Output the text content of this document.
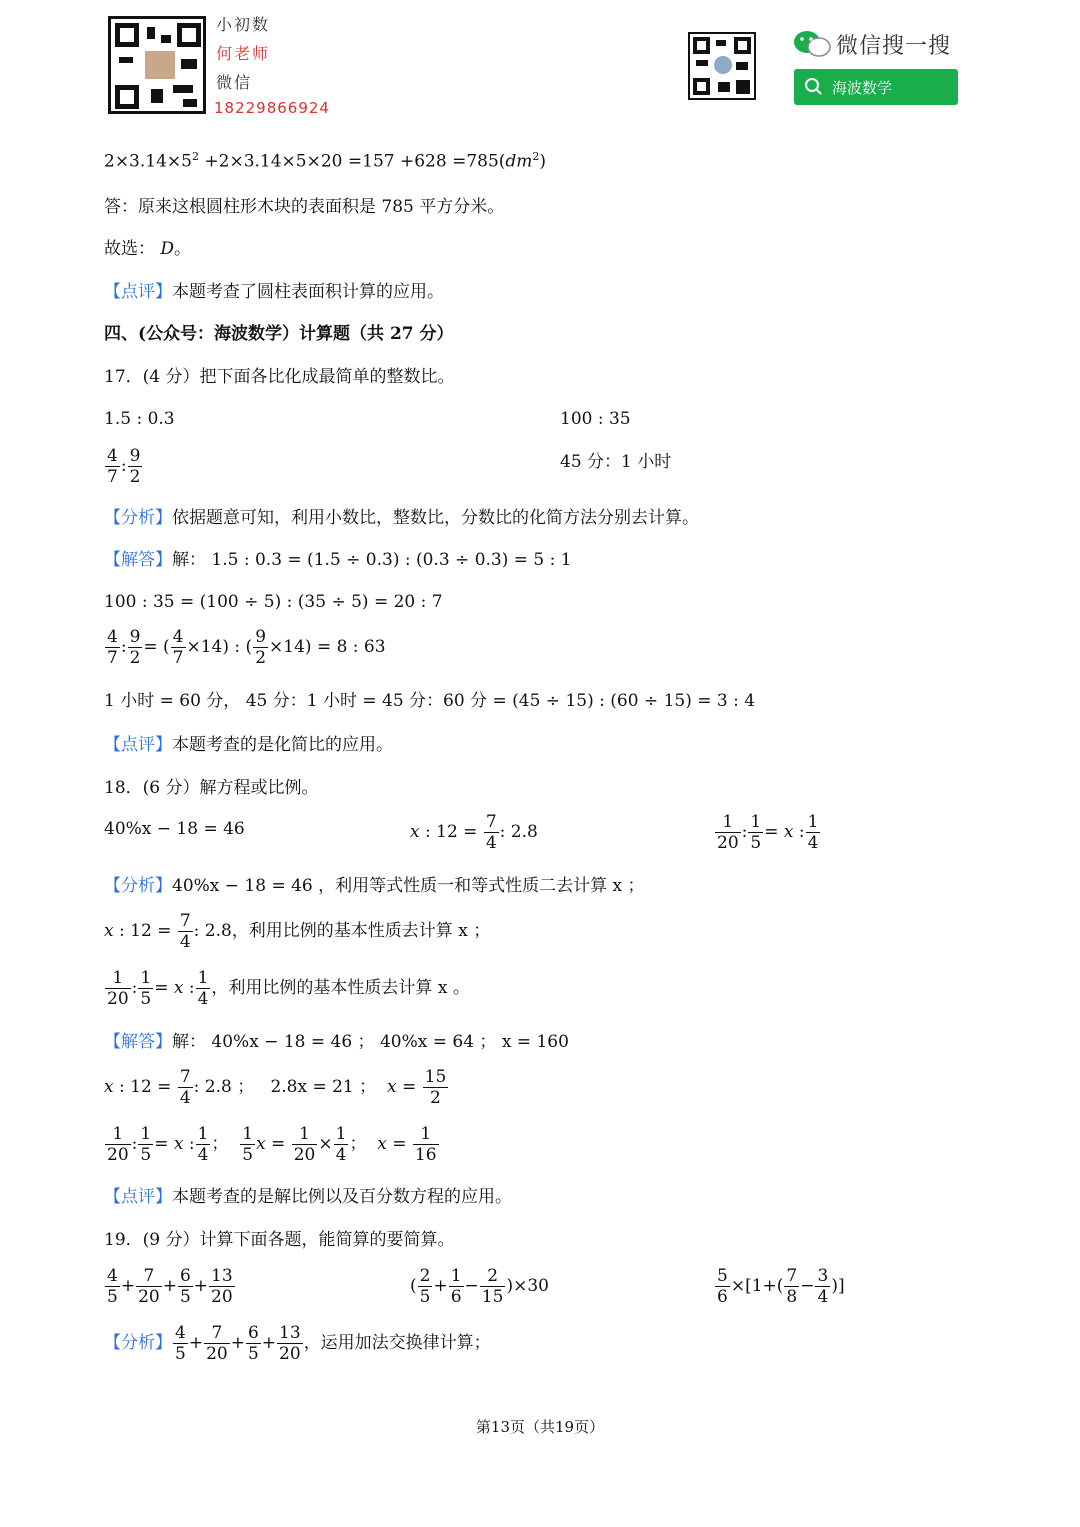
小初数
何老师
微信
18229866924
微信搜一搜
海波数学
$2\times 3.14\times 5^2 +2\times 3.14\times 5\times 20 =157 +628 =785(dm^2)$
答：原来这根圆柱形木块的表面积是 785 平方分米。
故选： D。
【点评】本题考查了圆柱表面积计算的应用。
四、(公众号：海波数学）计算题（共 27 分）
17．(4 分）把下面各比化成最简单的整数比。
1.5 : 0.3	100 : 35
$\frac{4}{7}$ : $\frac{9}{2}$	45 分：1 小时
【分析】依据题意可知，利用小数比，整数比，分数比的化简方法分别去计算。
【解答】解： 1.5 : 0.3 = (1.5 ÷ 0.3) : (0.3 ÷ 0.3) = 5 : 1
100 : 35 = (100 ÷ 5) : (35 ÷ 5) = 20 : 7
$\frac{4}{7}$ : $\frac{9}{2}$ = ( $\frac{4}{7} \times 14$) : ( $\frac{9}{2} \times 14) = 8$ : 63
1 小时 = 60 分， 45 分：1 小时 = 45 分：60 分 = (45 ÷ 15) : (60 ÷ 15) = 3 : 4
【点评】本题考查的是化简比的应用。
18．(6 分）解方程或比例。
40%x − 18 = 46	x : $12 = \frac{7}{4}$ : 2.8	$\frac{1}{20}$ : $\frac{1}{5} = x$ : $\frac{1}{4}$
【分析】40%x − 18 = 46 ，利用等式性质一和等式性质二去计算 x ；
x : $12 = \frac{7}{4}$ : 2.8，利用比例的基本性质去计算 x ；
$\frac{1}{20}$ : $\frac{1}{5} = x$ : $\frac{1}{4}$ ，利用比例的基本性质去计算 x 。
【解答】解： 40%x − 18 = 46 ； 40%x = 64 ； x = 160
x : $12 = \frac{7}{4}$ : 2.8 ；   2.8x = 21 ； $x = \frac{15}{2}$
$\frac{1}{20}$ : $\frac{1}{5} = x$ : $\frac{1}{4}$ ； $\frac{1}{5}$ $x = \frac{1}{20} \times \frac{1}{4}$ ；  $x = \frac{1}{16}$
【点评】本题考查的是解比例以及百分数方程的应用。
19．(9 分）计算下面各题，能简算的要简算。
$\frac{4}{5} + \frac{7}{20} + \frac{6}{5} + \frac{13}{20}$	( $\frac{2}{5} + \frac{1}{6} - \frac{2}{15} )\times 30$	$\frac{5}{6} \times[1+( \frac{7}{8} - \frac{3}{4}$ )]
【分析】 $\frac{4}{5} + \frac{7}{20} + \frac{6}{5} + \frac{13}{20}$ ，运用加法交换律计算；
第13页（共19页）
